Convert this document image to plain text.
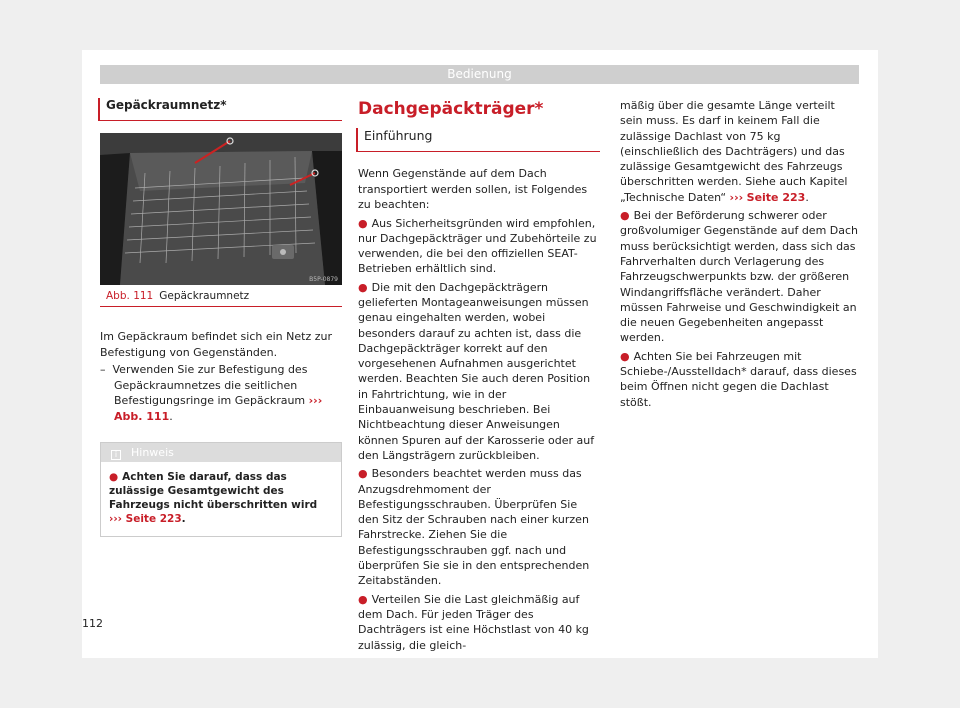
Bedienung
Gepäckraumnetz*
B5P-0879
Abb. 111 Gepäckraumnetz

Im Gepäckraum befindet sich ein Netz zur Befestigung von Gegenständen.

– Verwenden Sie zur Befestigung des Gepäckraumnetzes die seitlichen Befestigungsringe im Gepäckraum ››› Abb. 111.
i Hinweis
● Achten Sie darauf, dass das zulässige Gesamtgewicht des Fahrzeugs nicht überschritten wird ››› Seite 223.
Dachgepäckträger*
Einführung

Wenn Gegenstände auf dem Dach transportiert werden sollen, ist Folgendes zu beachten:

● Aus Sicherheitsgründen wird empfohlen, nur Dachgepäckträger und Zubehörteile zu verwenden, die bei den offiziellen SEAT-Betrieben erhältlich sind.
● Die mit den Dachgepäckträgern gelieferten Montageanweisungen müssen genau eingehalten werden, wobei besonders darauf zu achten ist, dass die Dachgepäckträger korrekt auf den vorgesehenen Aufnahmen ausgerichtet werden. Beachten Sie auch deren Position in Fahrtrichtung, wie in der Einbauanweisung beschrieben. Bei Nichtbeachtung dieser Anweisungen können Spuren auf der Karosserie oder auf den Längsträgern zurückbleiben.
● Besonders beachtet werden muss das Anzugsdrehmoment der Befestigungsschrauben. Überprüfen Sie den Sitz der Schrauben nach einer kurzen Fahrstrecke. Ziehen Sie die Befestigungsschrauben ggf. nach und überprüfen Sie sie in den entsprechenden Zeitabständen.
● Verteilen Sie die Last gleichmäßig auf dem Dach. Für jeden Träger des Dachträgers ist eine Höchstlast von 40 kg zulässig, die gleich-
mäßig über die gesamte Länge verteilt sein muss. Es darf in keinem Fall die zulässige Dachlast von 75 kg (einschließlich des Dachträgers) und das zulässige Gesamtgewicht des Fahrzeugs überschritten werden. Siehe auch Kapitel „Technische Daten“ ››› Seite 223.
● Bei der Beförderung schwerer oder großvolumiger Gegenstände auf dem Dach muss berücksichtigt werden, dass sich das Fahrverhalten durch Verlagerung des Fahrzeugschwerpunkts bzw. der größeren Windangriffsfläche verändert. Daher müssen Fahrweise und Geschwindigkeit an die neuen Gegebenheiten angepasst werden.
● Achten Sie bei Fahrzeugen mit Schiebe-/Ausstelldach* darauf, dass dieses beim Öffnen nicht gegen die Dachlast stößt.
112
